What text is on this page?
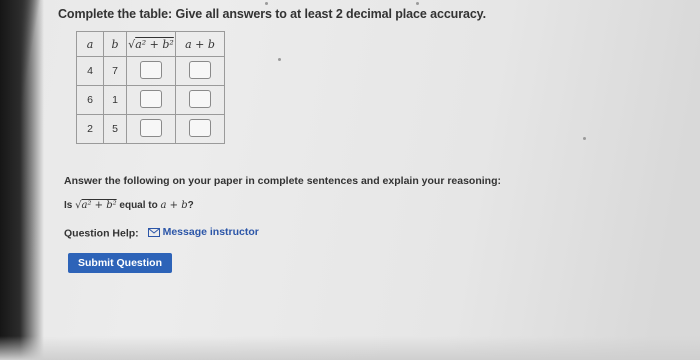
Complete the table: Give all answers to at least 2 decimal place accuracy.
a	b	√a² + b²	a + b
4	7		
6	1		
2	5		
Answer the following on your paper in complete sentences and explain your reasoning:
Is √a² + b² equal to a + b?
Question Help: Message instructor
Submit Question
